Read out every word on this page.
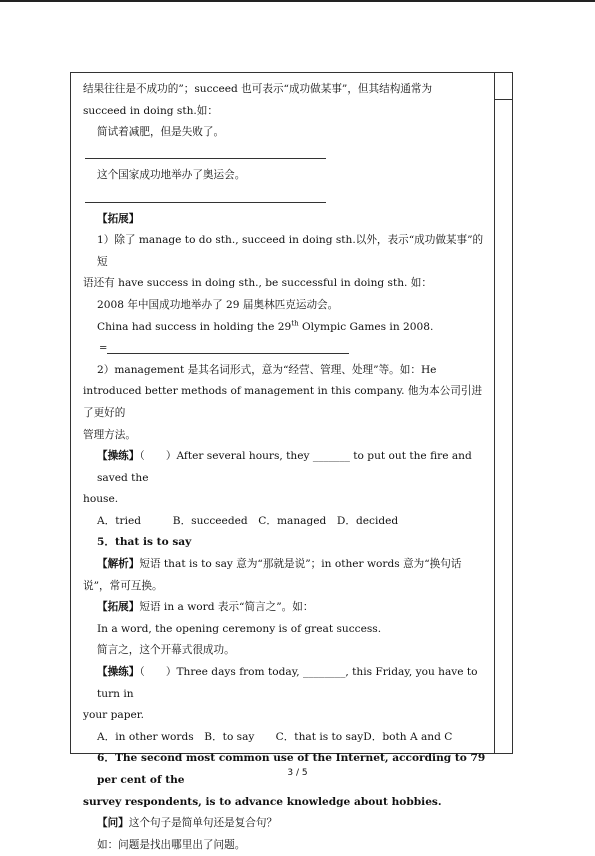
结果往往是不成功的”；succeed 也可表示“成功做某事”，但其结构通常为

succeed in doing sth.如：

简试着减肥，但是失败了。

这个国家成功地举办了奥运会。

【拓展】

1）除了 manage to do sth., succeed in doing sth.以外，表示“成功做某事”的短

语还有 have success in doing sth., be successful in doing sth. 如：

2008 年中国成功地举办了 29 届奥林匹克运动会。

China had success in holding the 29th Olympic Games in 2008.

=

2）management 是其名词形式，意为“经营、管理、处理”等。如：He

introduced better methods of management in this company. 他为本公司引进了更好的

管理方法。

【操练】（　　）After several hours, they _______ to put out the fire and saved the

house.

A．tried　　　B．succeeded　C．managed　D．decided

5．that is to say

【解析】短语 that is to say 意为“那就是说”；in other words 意为“换句话

说”，常可互换。

【拓展】短语 in a word 表示“简言之”。如：

In a word, the opening ceremony is of great success.

简言之，这个开幕式很成功。

【操练】（　　）Three days from today, ________, this Friday, you have to turn in

your paper.

A．in other words　B．to say　　C．that is to sayD．both A and C

6．The second most common use of the Internet, according to 79 per cent of the

survey respondents, is to advance knowledge about hobbies.

【问】这个句子是简单句还是复合句？

如：问题是找出哪里出了问题。

3 / 5
